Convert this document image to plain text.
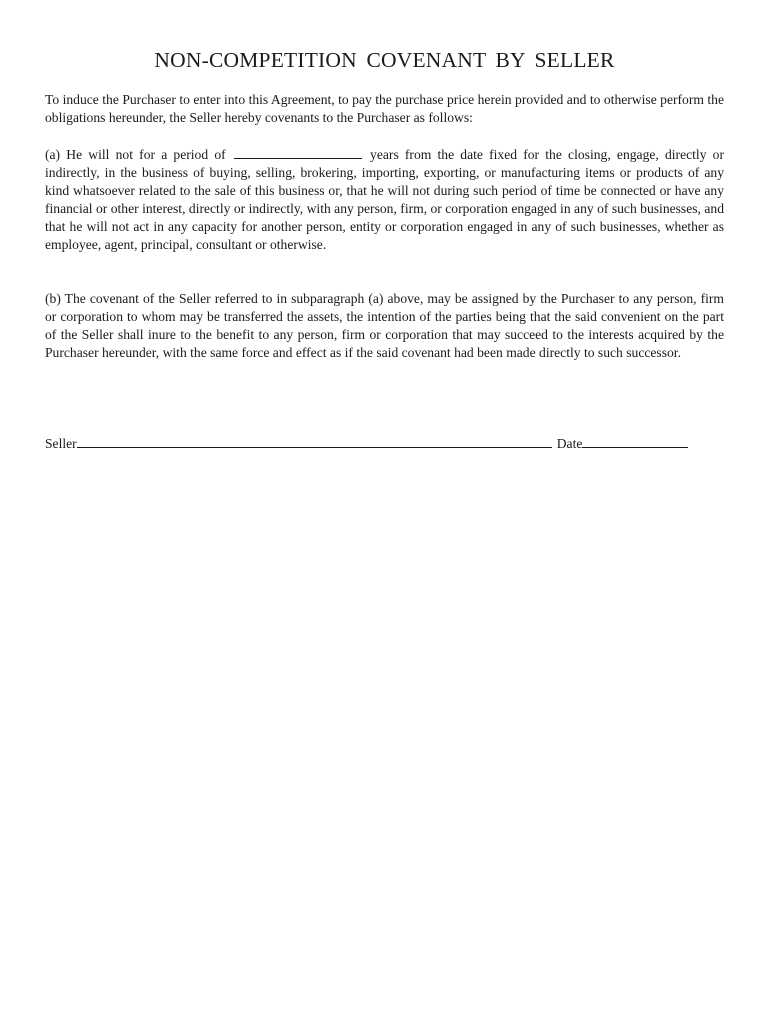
NON-COMPETITION COVENANT BY SELLER

To induce the Purchaser to enter into this Agreement, to pay the purchase price herein provided and to otherwise perform the obligations hereunder, the Seller hereby covenants to the Purchaser as follows:

(a) He will not for a period of	years from the date fixed for the closing, engage, directly or indirectly, in the business of buying, selling, brokering, importing, exporting, or manufacturing items or products of any kind whatsoever related to the sale of this business or, that he will not during such period of time be connected or have any financial or other interest, directly or indirectly, with any person, firm, or corporation engaged in any of such businesses, and that he will not act in any capacity for another person, entity or corporation engaged in any of such businesses, whether as employee, agent, principal, consultant or otherwise.

(b) The covenant of the Seller referred to in subparagraph (a) above, may be assigned by the Purchaser to any person, firm or corporation to whom may be transferred the assets, the intention of the parties being that the said convenient on the part of the Seller shall inure to the benefit to any person, firm or corporation that may succeed to the interests acquired by the Purchaser hereunder, with the same force and effect as if the said covenant had been made directly to such successor.

Seller	Date
